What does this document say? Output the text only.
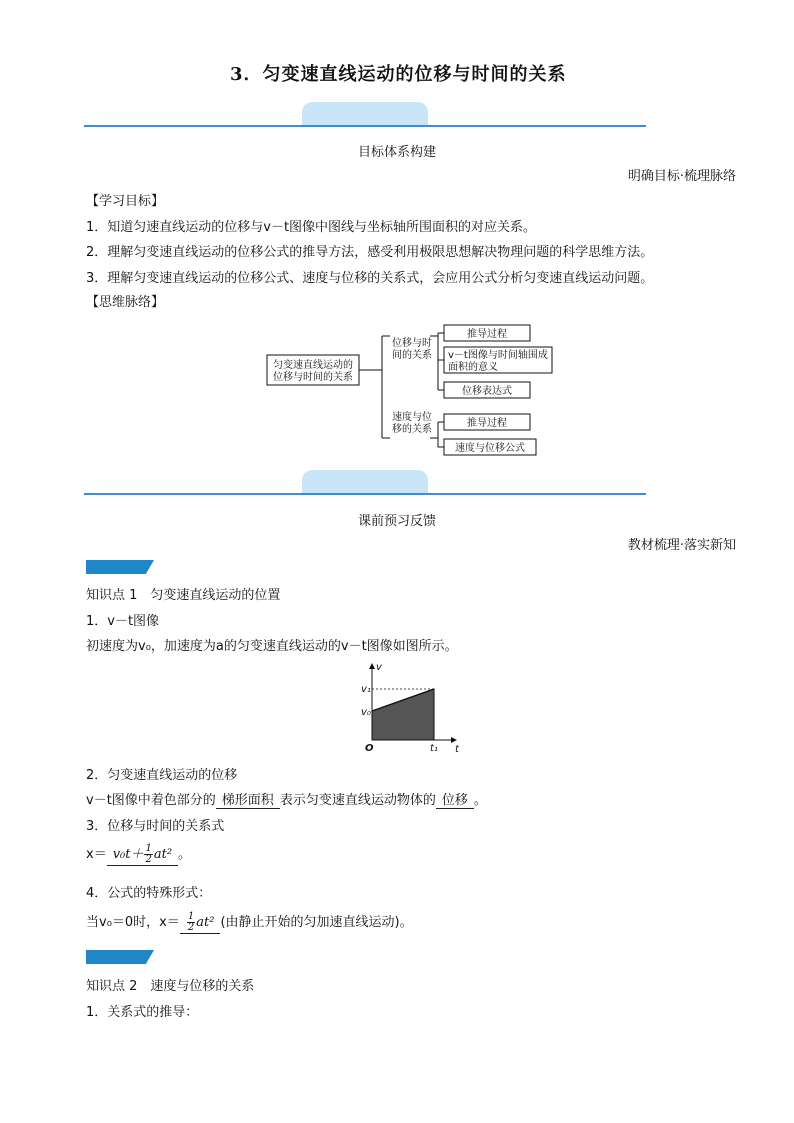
3．匀变速直线运动的位移与时间的关系
目标体系构建
明确目标·梳理脉络
【学习目标】
1．知道匀速直线运动的位移与v－t图像中图线与坐标轴所围面积的对应关系。
2．理解匀变速直线运动的位移公式的推导方法，感受利用极限思想解决物理问题的科学思维方法。
3．理解匀变速直线运动的位移公式、速度与位移的关系式，会应用公式分析匀变速直线运动问题。
【思维脉络】
匀变速直线运动的
位移与时间的关系
位移与时
间的关系
速度与位
移的关系
推导过程
v－t图像与时间轴围成
面积的意义
位移表达式
推导过程
速度与位移公式
课前预习反馈
教材梳理·落实新知
知识点 1　匀变速直线运动的位置
1．v－t图像
初速度为v₀，加速度为a的匀变速直线运动的v－t图像如图所示。
v
t
O
v₁
v₀
t₁
2．匀变速直线运动的位移
v－t图像中着色部分的 梯形面积 表示匀变速直线运动物体的 位移 。
3．位移与时间的关系式
$x= v_0t+ \frac{1}{2} at^2$ 。
4．公式的特殊形式：
当v₀＝0时，$x= \frac{1}{2} at^2$ (由静止开始的匀加速直线运动)。
知识点 2　速度与位移的关系
1．关系式的推导：
